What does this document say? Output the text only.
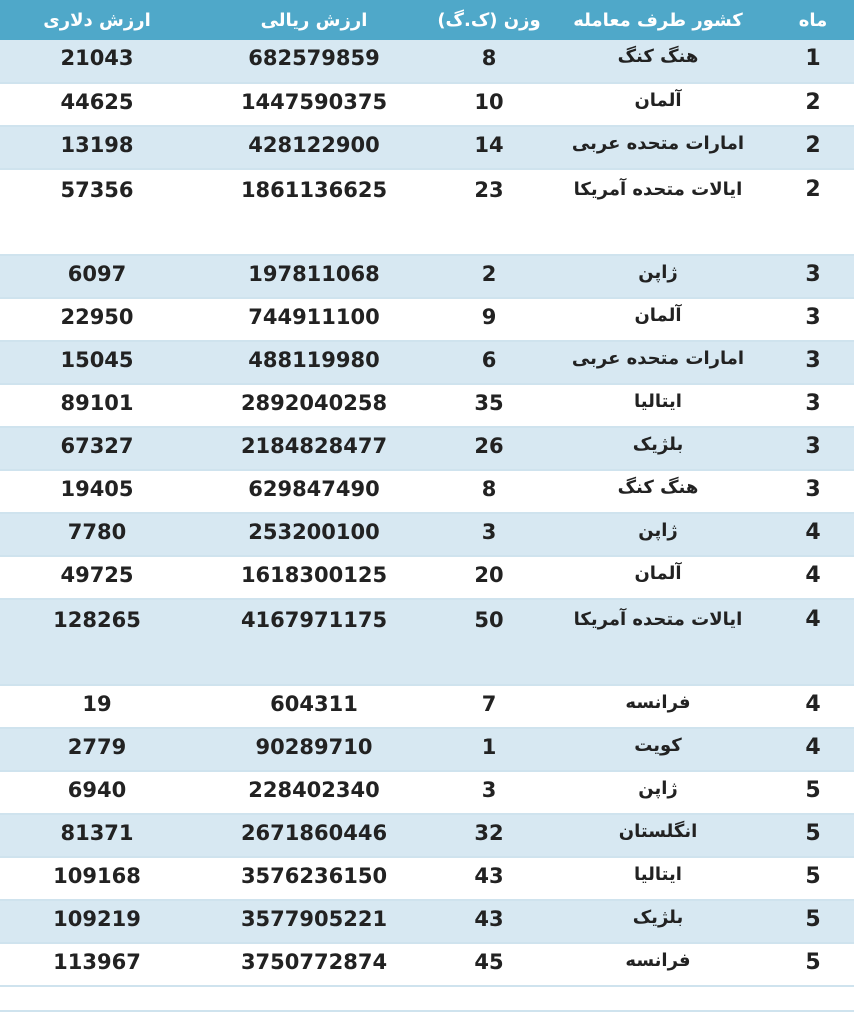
ماه	کشور طرف معامله	وزن (ک.گ)	ارزش ریالی	ارزش دلاری
1	هنگ کنگ	8	682579859	21043
2	آلمان	10	1447590375	44625
2	امارات متحده عربی	14	428122900	13198
2	ایالات متحده آمریکا	23	1861136625	57356
3	ژاپن	2	197811068	6097
3	آلمان	9	744911100	22950
3	امارات متحده عربی	6	488119980	15045
3	ایتالیا	35	2892040258	89101
3	بلژیک	26	2184828477	67327
3	هنگ کنگ	8	629847490	19405
4	ژاپن	3	253200100	7780
4	آلمان	20	1618300125	49725
4	ایالات متحده آمریکا	50	4167971175	128265
4	فرانسه	7	604311	19
4	کویت	1	90289710	2779
5	ژاپن	3	228402340	6940
5	انگلستان	32	2671860446	81371
5	ایتالیا	43	3576236150	109168
5	بلژیک	43	3577905221	109219
5	فرانسه	45	3750772874	113967
